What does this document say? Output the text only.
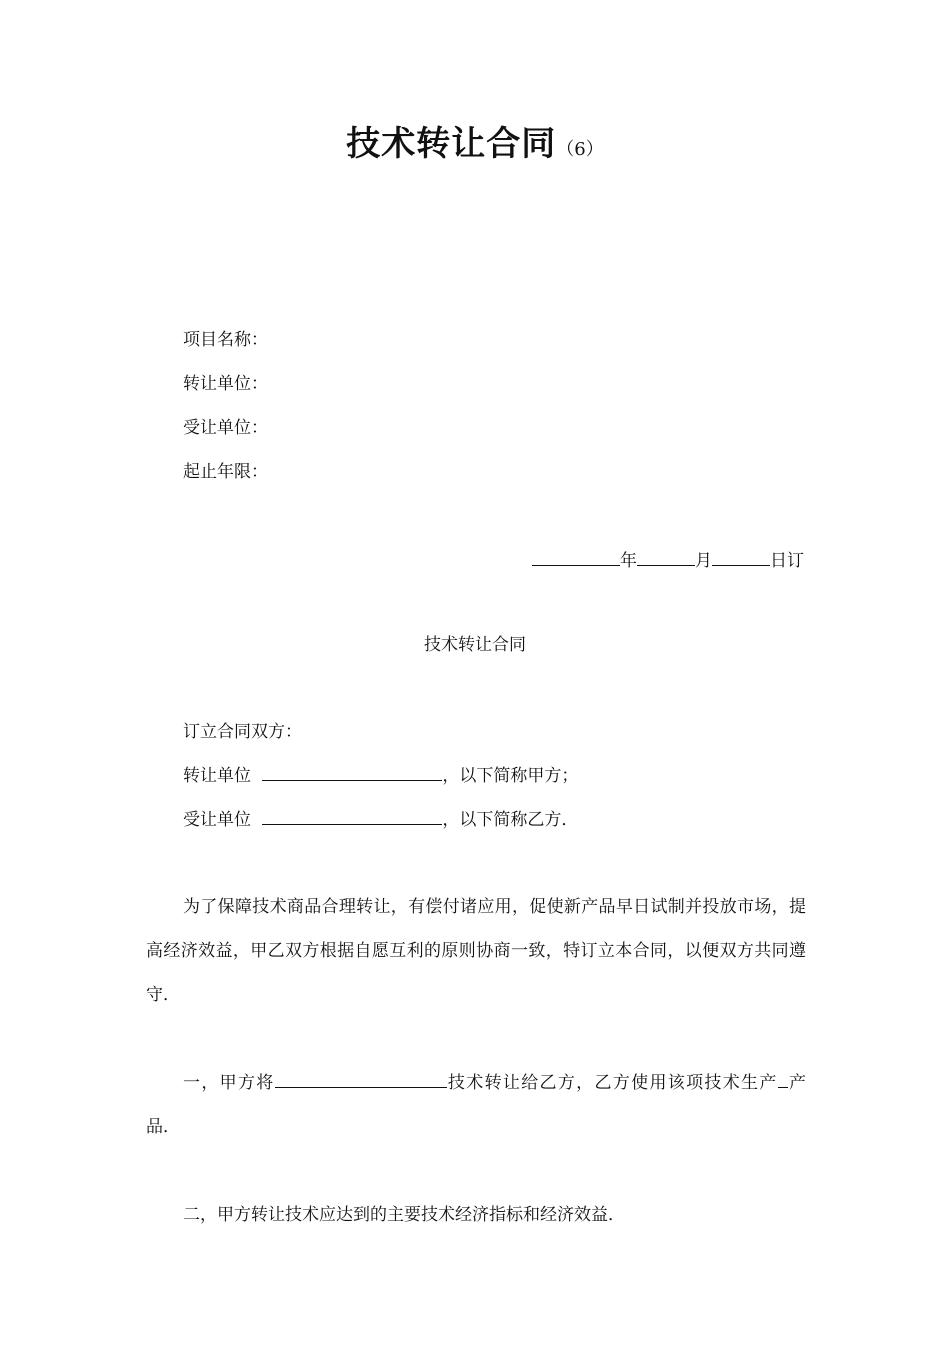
技术转让合同（6）
项目名称：
转让单位：
受让单位：
起止年限：
年	月	日订
技术转让合同
订立合同双方：
转让单位	，以下简称甲方；
受让单位	，以下简称乙方．
为了保障技术商品合理转让，有偿付诸应用，促使新产品早日试制并投放市场，提高经济效益，甲乙双方根据自愿互利的原则协商一致，特订立本合同，以便双方共同遵守．
一，甲方将	技术转让给乙方，乙方使用该项技术生产 产品．
二，甲方转让技术应达到的主要技术经济指标和经济效益．
